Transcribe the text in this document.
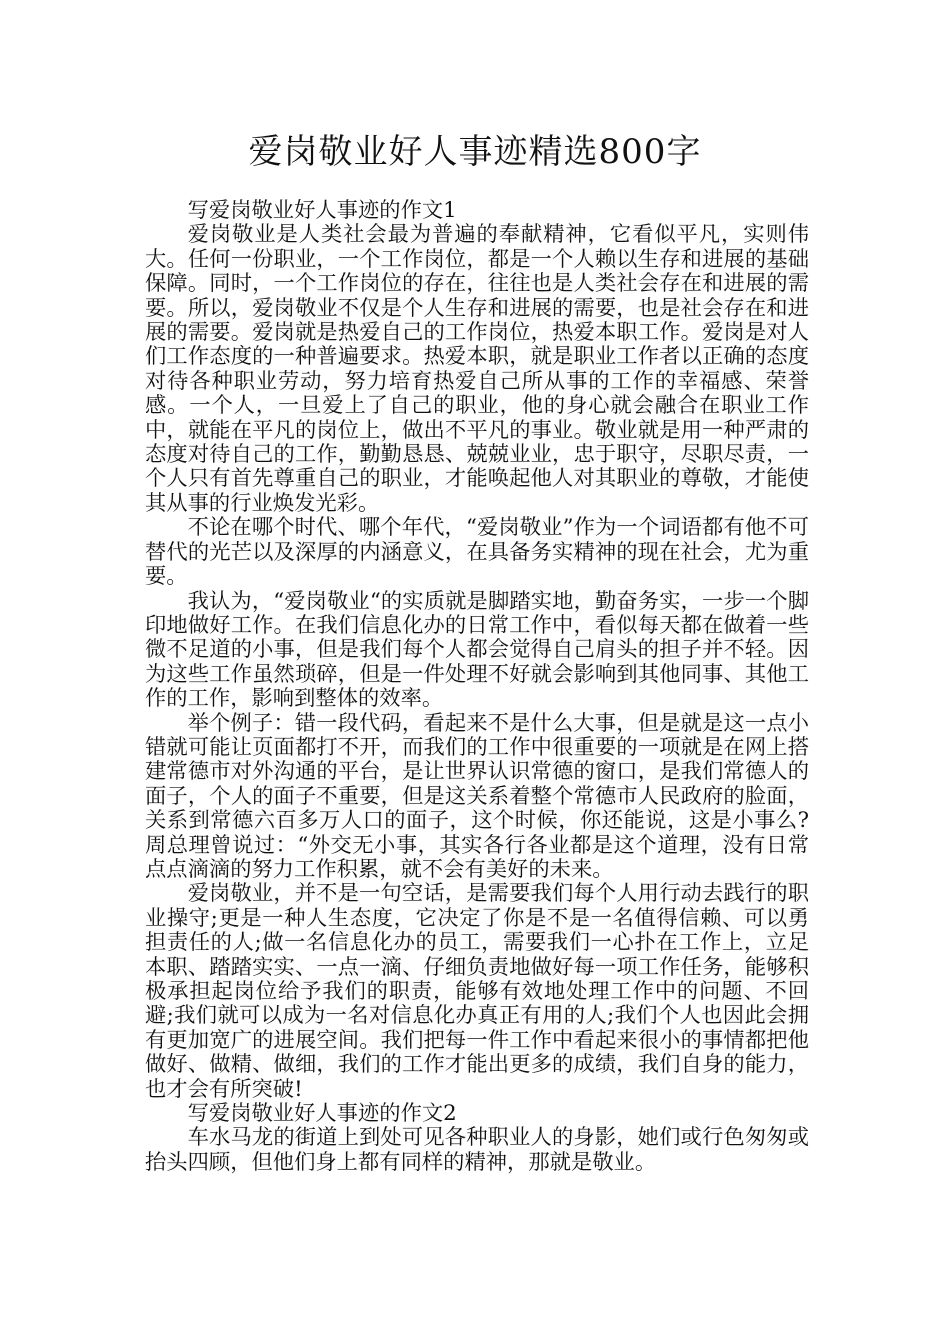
爱岗敬业好人事迹精选800字

写爱岗敬业好人事迹的作文1

爱岗敬业是人类社会最为普遍的奉献精神，它看似平凡，实则伟大。任何一份职业，一个工作岗位，都是一个人赖以生存和进展的基础保障。同时，一个工作岗位的存在，往往也是人类社会存在和进展的需要。所以，爱岗敬业不仅是个人生存和进展的需要，也是社会存在和进展的需要。爱岗就是热爱自己的工作岗位，热爱本职工作。爱岗是对人们工作态度的一种普遍要求。热爱本职，就是职业工作者以正确的态度对待各种职业劳动，努力培育热爱自己所从事的工作的幸福感、荣誉感。一个人，一旦爱上了自己的职业，他的身心就会融合在职业工作中，就能在平凡的岗位上，做出不平凡的事业。敬业就是用一种严肃的态度对待自己的工作，勤勤恳恳、兢兢业业，忠于职守，尽职尽责，一个人只有首先尊重自己的职业，才能唤起他人对其职业的尊敬，才能使其从事的行业焕发光彩。

不论在哪个时代、哪个年代，“爱岗敬业”作为一个词语都有他不可替代的光芒以及深厚的内涵意义，在具备务实精神的现在社会，尤为重要。

我认为，“爱岗敬业“的实质就是脚踏实地，勤奋务实，一步一个脚印地做好工作。在我们信息化办的日常工作中，看似每天都在做着一些微不足道的小事，但是我们每个人都会觉得自己肩头的担子并不轻。因为这些工作虽然琐碎，但是一件处理不好就会影响到其他同事、其他工作的工作，影响到整体的效率。

举个例子：错一段代码，看起来不是什么大事，但是就是这一点小错就可能让页面都打不开，而我们的工作中很重要的一项就是在网上搭建常德市对外沟通的平台，是让世界认识常德的窗口，是我们常德人的面子，个人的面子不重要，但是这关系着整个常德市人民政府的脸面，关系到常德六百多万人口的面子，这个时候，你还能说，这是小事么?周总理曾说过：“外交无小事，其实各行各业都是这个道理，没有日常点点滴滴的努力工作积累，就不会有美好的未来。

爱岗敬业，并不是一句空话，是需要我们每个人用行动去践行的职业操守;更是一种人生态度，它决定了你是不是一名值得信赖、可以勇担责任的人;做一名信息化办的员工，需要我们一心扑在工作上，立足本职、踏踏实实、一点一滴、仔细负责地做好每一项工作任务，能够积极承担起岗位给予我们的职责，能够有效地处理工作中的问题、不回避;我们就可以成为一名对信息化办真正有用的人;我们个人也因此会拥有更加宽广的进展空间。我们把每一件工作中看起来很小的事情都把他做好、做精、做细，我们的工作才能出更多的成绩，我们自身的能力，也才会有所突破!

写爱岗敬业好人事迹的作文2

车水马龙的街道上到处可见各种职业人的身影，她们或行色匆匆或抬头四顾，但他们身上都有同样的精神，那就是敬业。
